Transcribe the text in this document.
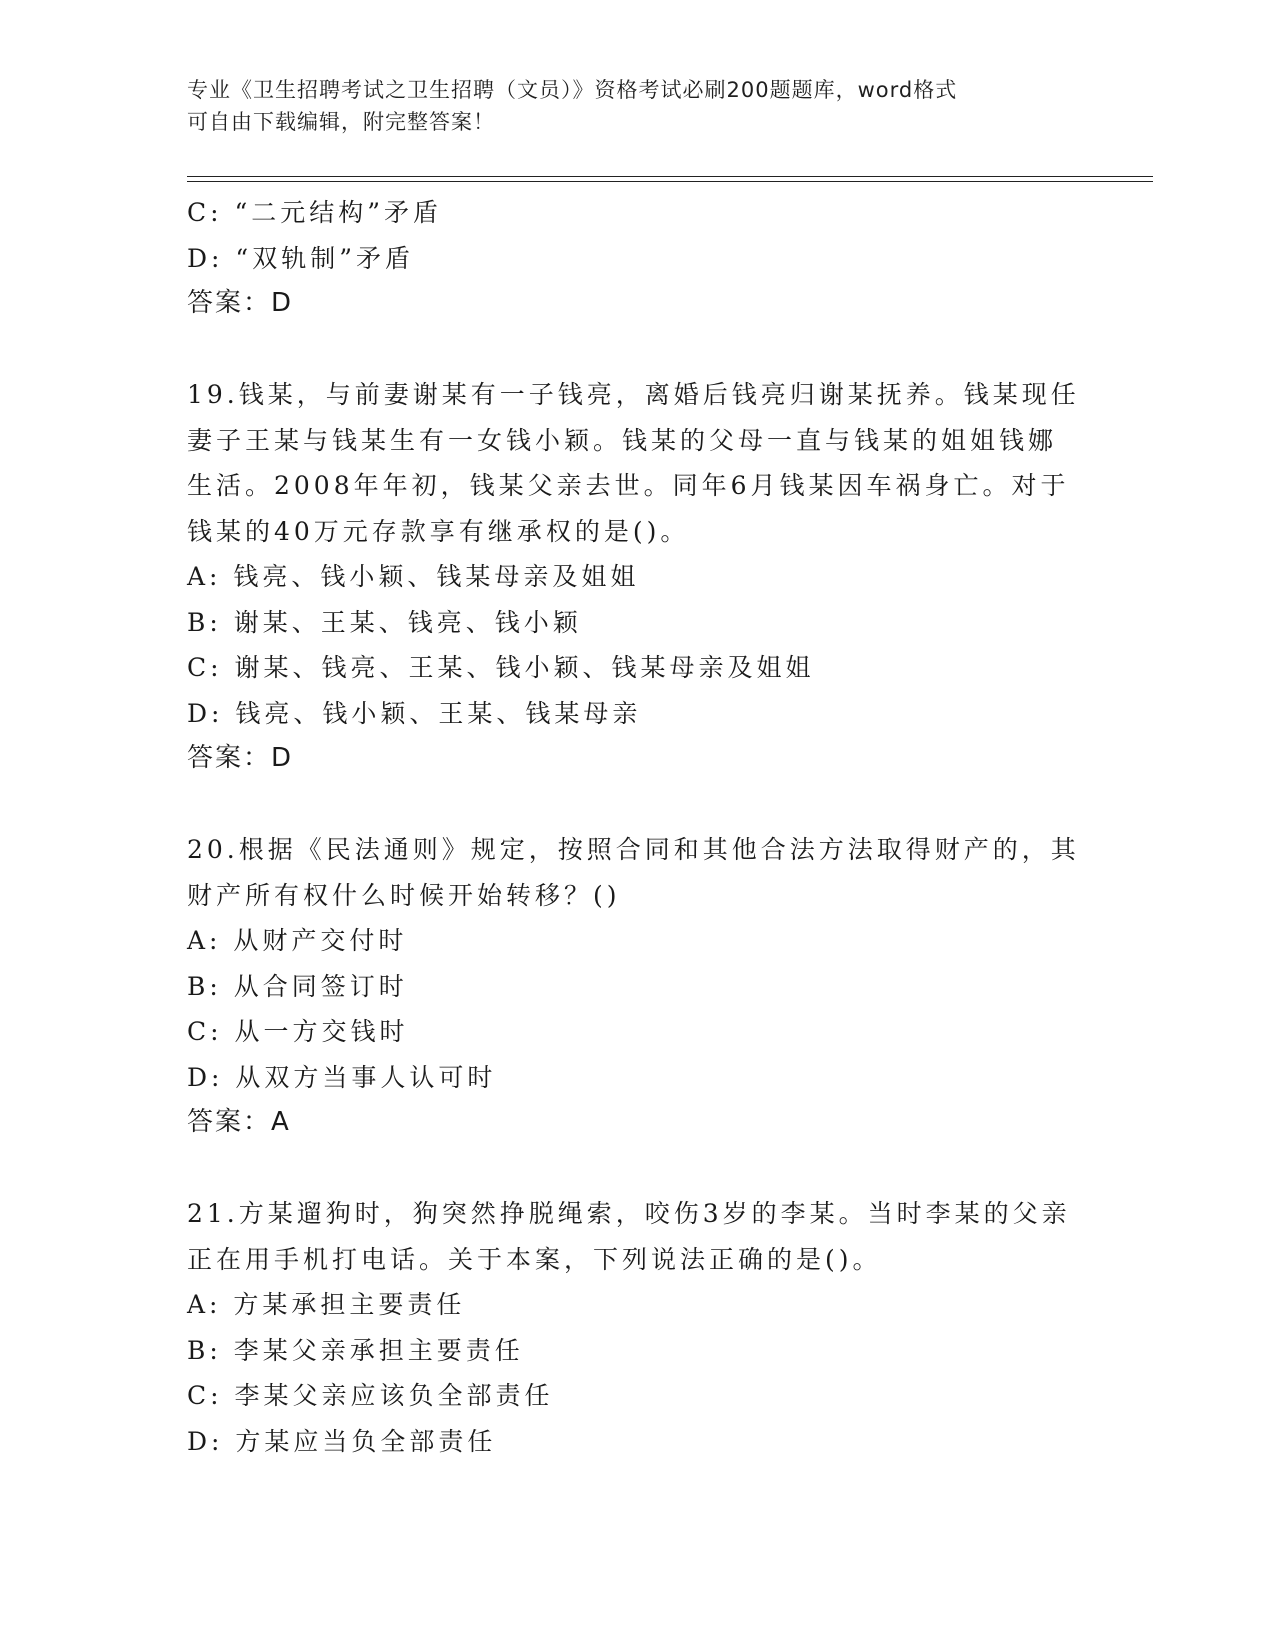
专业《卫生招聘考试之卫生招聘（文员）》资格考试必刷200题题库，word格式
可自由下载编辑，附完整答案！
C: “二元结构”矛盾
D: “双轨制”矛盾
答案：D
19.钱某，与前妻谢某有一子钱亮，离婚后钱亮归谢某抚养。钱某现任
妻子王某与钱某生有一女钱小颖。钱某的父母一直与钱某的姐姐钱娜
生活。2008年年初，钱某父亲去世。同年6月钱某因车祸身亡。对于
钱某的40万元存款享有继承权的是()。
A: 钱亮、钱小颖、钱某母亲及姐姐
B: 谢某、王某、钱亮、钱小颖
C: 谢某、钱亮、王某、钱小颖、钱某母亲及姐姐
D: 钱亮、钱小颖、王某、钱某母亲
答案：D
20.根据《民法通则》规定，按照合同和其他合法方法取得财产的，其
财产所有权什么时候开始转移？()
A: 从财产交付时
B: 从合同签订时
C: 从一方交钱时
D: 从双方当事人认可时
答案：A
21.方某遛狗时，狗突然挣脱绳索，咬伤3岁的李某。当时李某的父亲
正在用手机打电话。关于本案，下列说法正确的是()。
A: 方某承担主要责任
B: 李某父亲承担主要责任
C: 李某父亲应该负全部责任
D: 方某应当负全部责任
